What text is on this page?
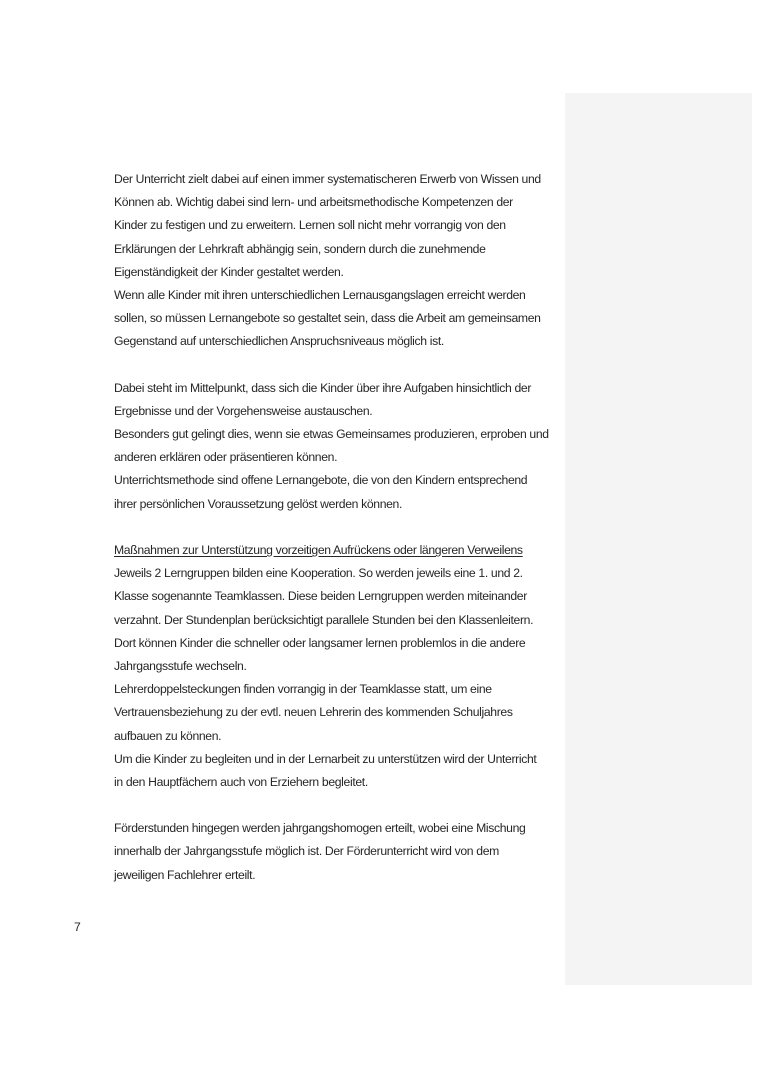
Der Unterricht zielt dabei auf einen immer systematischeren Erwerb von Wissen und
Können ab. Wichtig dabei sind lern- und arbeitsmethodische Kompetenzen der
Kinder zu festigen und zu erweitern. Lernen soll nicht mehr vorrangig von den
Erklärungen der Lehrkraft abhängig sein, sondern durch die zunehmende
Eigenständigkeit der Kinder gestaltet werden.
Wenn alle Kinder mit ihren unterschiedlichen Lernausgangslagen erreicht werden
sollen, so müssen Lernangebote so gestaltet sein, dass die Arbeit am gemeinsamen
Gegenstand auf unterschiedlichen Anspruchsniveaus möglich ist.
Dabei steht im Mittelpunkt, dass sich die Kinder über ihre Aufgaben hinsichtlich der
Ergebnisse und der Vorgehensweise austauschen.
Besonders gut gelingt dies, wenn sie etwas Gemeinsames produzieren, erproben und
anderen erklären oder präsentieren können.
Unterrichtsmethode sind offene Lernangebote, die von den Kindern entsprechend
ihrer persönlichen Voraussetzung gelöst werden können.
Maßnahmen zur Unterstützung vorzeitigen Aufrückens oder längeren Verweilens
Jeweils 2 Lerngruppen bilden eine Kooperation. So werden jeweils eine 1. und 2.
Klasse sogenannte Teamklassen. Diese beiden Lerngruppen werden miteinander
verzahnt. Der Stundenplan berücksichtigt parallele Stunden bei den Klassenleitern.
Dort können Kinder die schneller oder langsamer lernen problemlos in die andere
Jahrgangsstufe wechseln.
Lehrerdoppelsteckungen finden vorrangig in der Teamklasse statt, um eine
Vertrauensbeziehung zu der evtl. neuen Lehrerin des kommenden Schuljahres
aufbauen zu können.
Um die Kinder zu begleiten und in der Lernarbeit zu unterstützen wird der Unterricht
in den Hauptfächern auch von Erziehern begleitet.
Förderstunden hingegen werden jahrgangshomogen erteilt, wobei eine Mischung
innerhalb der Jahrgangsstufe möglich ist. Der Förderunterricht wird von dem
jeweiligen Fachlehrer erteilt.
7
